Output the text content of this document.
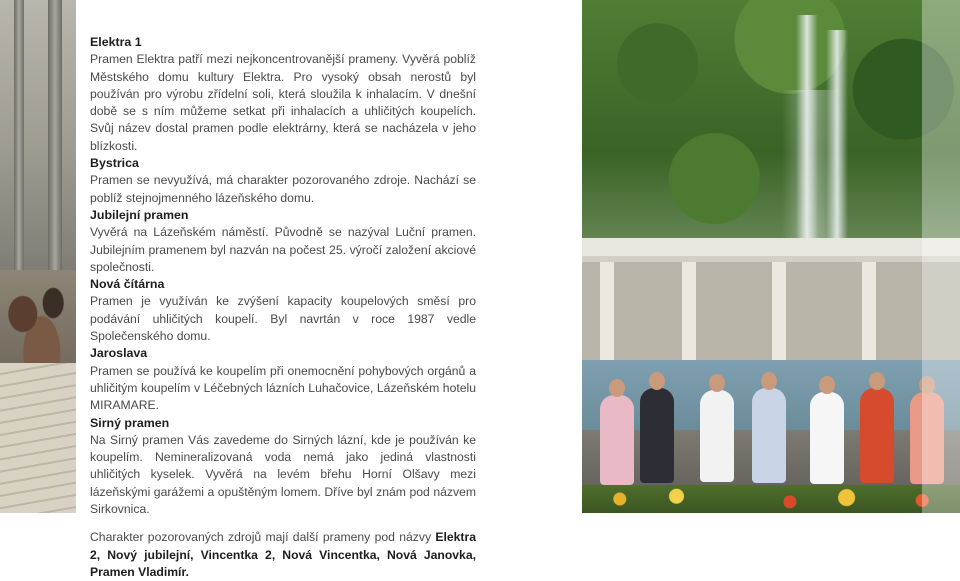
Elektra 1
Pramen Elektra patří mezi nejkoncentrovanější prameny. Vyvěrá poblíž Městského domu kultury Elektra. Pro vysoký obsah nerostů byl používán pro výrobu zřídelní soli, která sloužila k inhalacím. V dnešní době se s ním můžeme setkat při inhalacích a uhličitých koupelích. Svůj název dostal pramen podle elektrárny, která se nacházela v jeho blízkosti.
Bystrica
Pramen se nevyužívá, má charakter pozorovaného zdroje. Nachází se poblíž stejnojmenného lázeňského domu.
Jubilejní pramen
Vyvěrá na Lázeňském náměstí. Původně se nazýval Luční pramen. Jubilejním pramenem byl nazván na počest 25. výročí založení akciové společnosti.
Nová čítárna
Pramen je využíván ke zvýšení kapacity koupelových směsí pro podávání uhličitých koupelí. Byl navrtán v roce 1987 vedle Společenského domu.
Jaroslava
Pramen se používá ke koupelím při onemocnění pohybových orgánů a uhličitým koupelím v Léčebných lázních Luhačovice, Lázeňském hotelu MIRAMARE.
Sirný pramen
Na Sirný pramen Vás zavedeme do Sirných lázní, kde je používán ke koupelím. Nemineralizovaná voda nemá jako jediná vlastnosti uhličitých kyselek. Vyvěrá na levém břehu Horní Olšavy mezi lázeňskými garážemi a opuštěným lomem. Dříve byl znám pod názvem Sirkovnica.
Charakter pozorovaných zdrojů mají další prameny pod názvy Elektra 2, Nový jubilejní, Vincentka 2, Nová Vincentka, Nová Janovka, Pramen Vladimír.
